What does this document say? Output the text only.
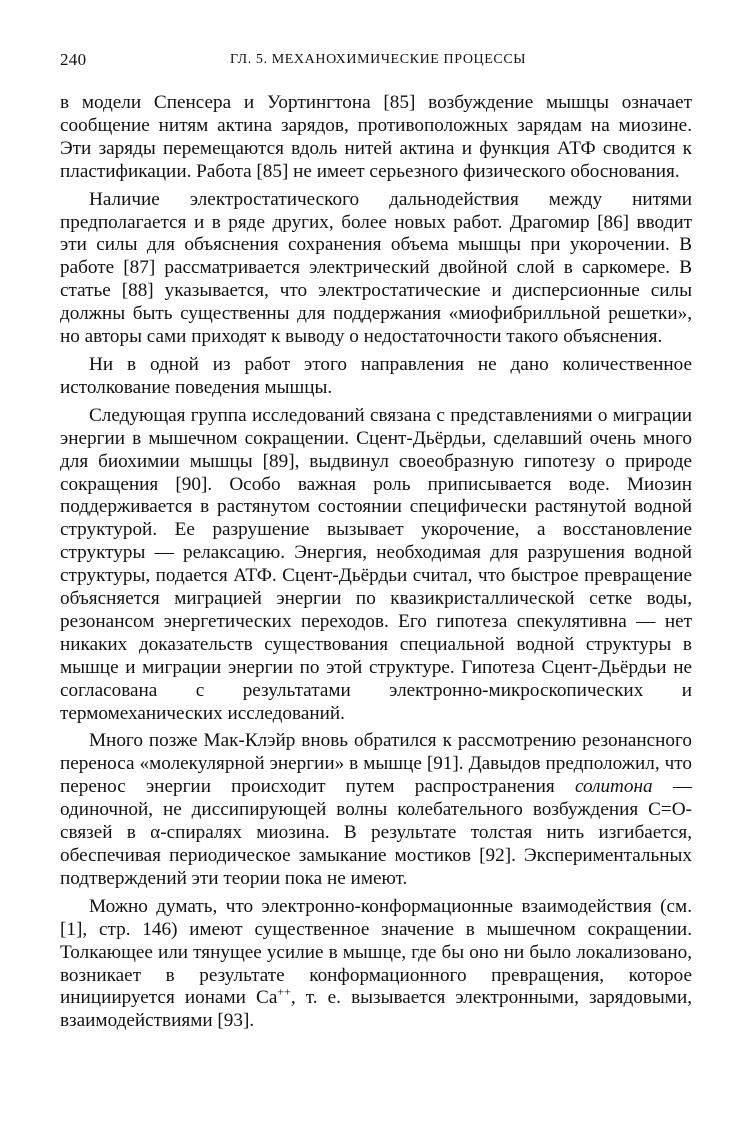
240	ГЛ. 5. МЕХАНОХИМИЧЕСКИЕ ПРОЦЕССЫ

в модели Спенсера и Уортингтона [85] возбуждение мышцы означает сообщение нитям актина зарядов, противоположных зарядам на миозине. Эти заряды перемещаются вдоль нитей актина и функция АТФ сводится к пластификации. Работа [85] не имеет серьезного физического обоснования.

Наличие электростатического дальнодействия между нитями предполагается и в ряде других, более новых работ. Драгомир [86] вводит эти силы для объяснения сохранения объема мышцы при укорочении. В работе [87] рассматривается электрический двойной слой в саркомере. В статье [88] указывается, что электростатические и дисперсионные силы должны быть существенны для поддержания «миофибрилльной решетки», но авторы сами приходят к выводу о недостаточности такого объяснения.

Ни в одной из работ этого направления не дано количественное истолкование поведения мышцы.

Следующая группа исследований связана с представлениями о миграции энергии в мышечном сокращении. Сцент-Дьёрдьи, сделавший очень много для биохимии мышцы [89], выдвинул своеобразную гипотезу о природе сокращения [90]. Особо важная роль приписывается воде. Миозин поддерживается в растянутом состоянии специфически растянутой водной структурой. Ее разрушение вызывает укорочение, а восстановление структуры — релаксацию. Энергия, необходимая для разрушения водной структуры, подается АТФ. Сцент-Дьёрдьи считал, что быстрое превращение объясняется миграцией энергии по квазикристаллической сетке воды, резонансом энергетических переходов. Его гипотеза спекулятивна — нет никаких доказательств существования специальной водной структуры в мышце и миграции энергии по этой структуре. Гипотеза Сцент-Дьёрдьи не согласована с результатами электронно-микроскопических и термомеханических исследований.

Много позже Мак-Клэйр вновь обратился к рассмотрению резонансного переноса «молекулярной энергии» в мышце [91]. Давыдов предположил, что перенос энергии происходит путем распространения солитона — одиночной, не диссипирующей волны колебательного возбуждения C=O-связей в α-спиралях миозина. В результате толстая нить изгибается, обеспечивая периодическое замыкание мостиков [92]. Экспериментальных подтверждений эти теории пока не имеют.

Можно думать, что электронно-конформационные взаимодействия (см. [1], стр. 146) имеют существенное значение в мышечном сокращении. Толкающее или тянущее усилие в мышце, где бы оно ни было локализовано, возникает в результате конформационного превращения, которое инициируется ионами Ca++, т. е. вызывается электронными, зарядовыми, взаимодействиями [93].
